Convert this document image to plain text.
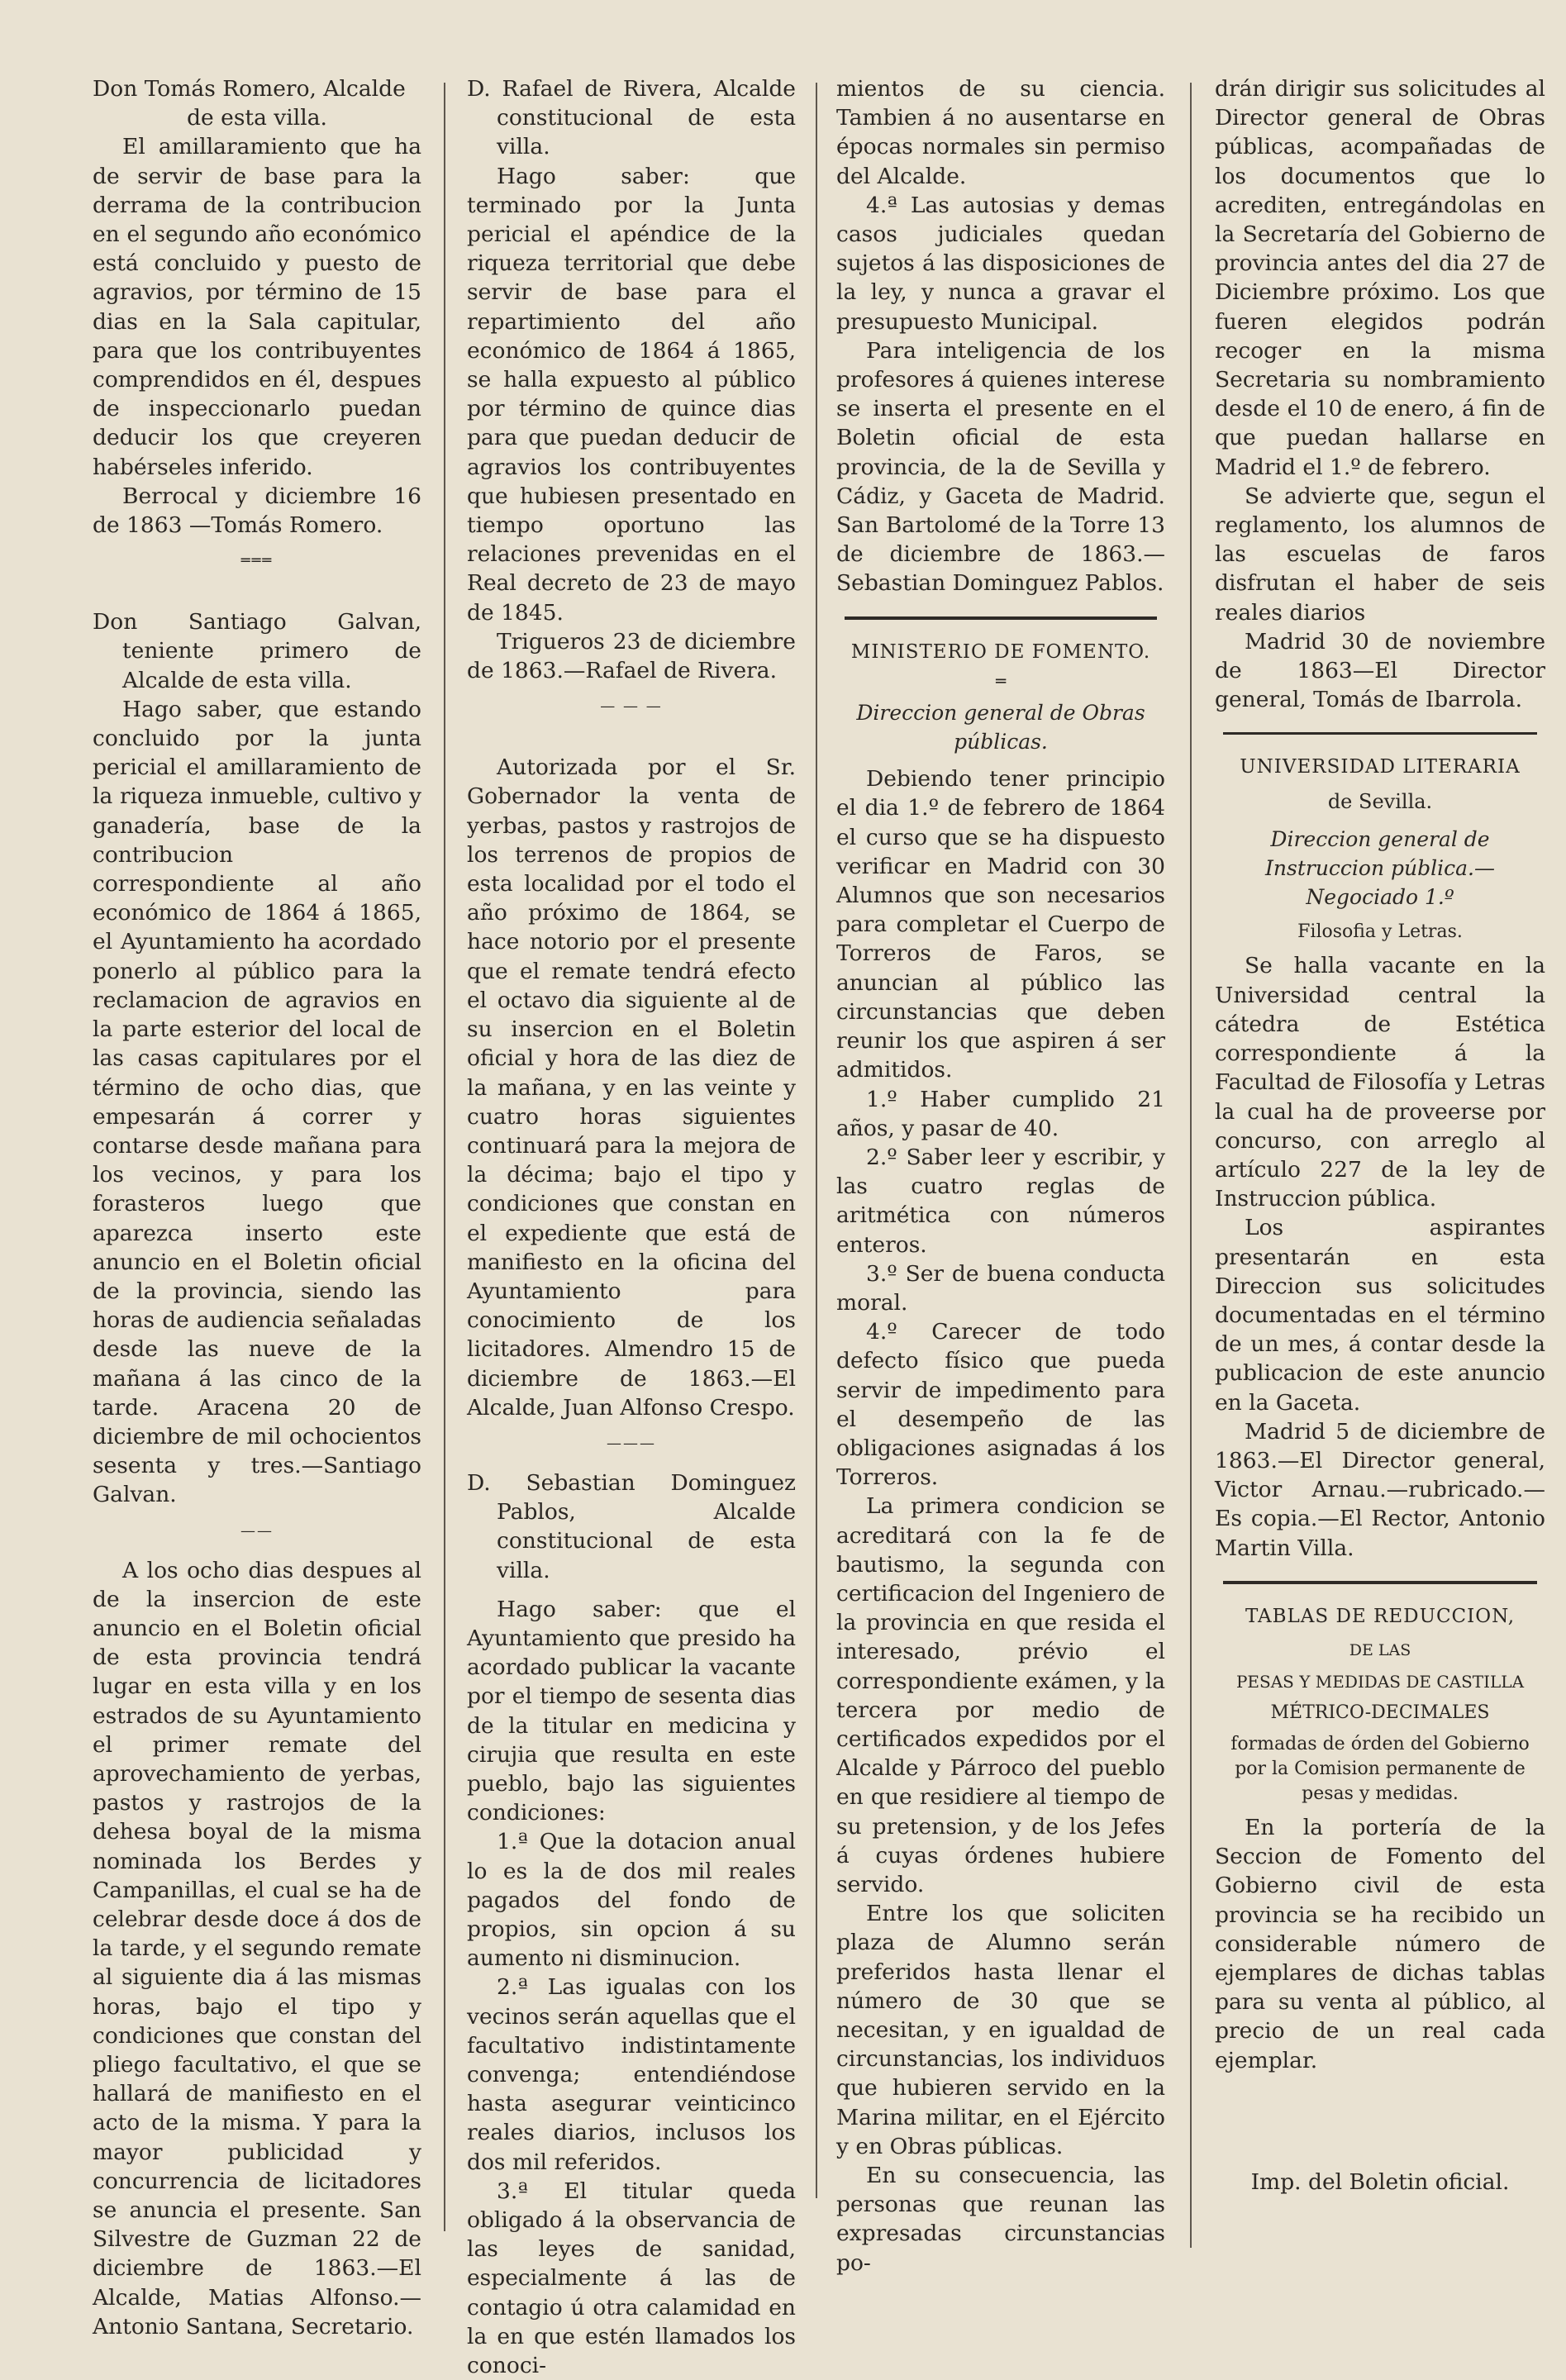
Don Tomás Romero, Alcalde

de esta villa.

El amillaramiento que ha de servir de base para la derrama de la contribucion en el segundo año económico está concluido y puesto de agravios, por término de 15 dias en la Sala capitular, para que los contribuyentes comprendidos en él, despues de inspeccionarlo puedan deducir los que creyeren habérseles inferido.

Berrocal y diciembre 16 de 1863 —Tomás Romero.

═══

Don Santiago Galvan, teniente primero de Alcalde de esta villa.

Hago saber, que estando concluido por la junta pericial el amillaramiento de la riqueza inmueble, cultivo y ganadería, base de la contribucion correspondiente al año económico de 1864 á 1865, el Ayuntamiento ha acordado ponerlo al público para la reclamacion de agravios en la parte esterior del local de las casas capitulares por el término de ocho dias, que empesarán á correr y contarse desde mañana para los vecinos, y para los forasteros luego que aparezca inserto este anuncio en el Boletin oficial de la provincia, siendo las horas de audiencia señaladas desde las nueve de la mañana á las cinco de la tarde. Aracena 20 de diciembre de mil ochocientos sesenta y tres.—Santiago Galvan.

——

A los ocho dias despues al de la insercion de este anuncio en el Boletin oficial de esta provincia tendrá lugar en esta villa y en los estrados de su Ayuntamiento el primer remate del aprovechamiento de yerbas, pastos y rastrojos de la dehesa boyal de la misma nominada los Berdes y Campanillas, el cual se ha de celebrar desde doce á dos de la tarde, y el segundo remate al siguiente dia á las mismas horas, bajo el tipo y condiciones que constan del pliego facultativo, el que se hallará de manifiesto en el acto de la misma. Y para la mayor publicidad y concurrencia de licitadores se anuncia el presente. San Silvestre de Guzman 22 de diciembre de 1863.—El Alcalde, Matias Alfonso.—Antonio Santana, Secretario.

D. Rafael de Rivera, Alcalde constitucional de esta villa.

Hago saber: que terminado por la Junta pericial el apéndice de la riqueza territorial que debe servir de base para el repartimiento del año económico de 1864 á 1865, se halla expuesto al público por término de quince dias para que puedan deducir de agravios los contribuyentes que hubiesen presentado en tiempo oportuno las relaciones prevenidas en el Real decreto de 23 de mayo de 1845.

Trigueros 23 de diciembre de 1863.—Rafael de Rivera.

— — —

Autorizada por el Sr. Gobernador la venta de yerbas, pastos y rastrojos de los terrenos de propios de esta localidad por el todo el año próximo de 1864, se hace notorio por el presente que el remate tendrá efecto el octavo dia siguiente al de su insercion en el Boletin oficial y hora de las diez de la mañana, y en las veinte y cuatro horas siguientes continuará para la mejora de la décima; bajo el tipo y condiciones que constan en el expediente que está de manifiesto en la oficina del Ayuntamiento para conocimiento de los licitadores. Almendro 15 de diciembre de 1863.—El Alcalde, Juan Alfonso Crespo.

———

D. Sebastian Dominguez Pablos, Alcalde constitucional de esta villa.

Hago saber: que el Ayuntamiento que presido ha acordado publicar la vacante por el tiempo de sesenta dias de la titular en medicina y cirujia que resulta en este pueblo, bajo las siguientes condiciones:

1.ª Que la dotacion anual lo es la de dos mil reales pagados del fondo de propios, sin opcion á su aumento ni disminucion.

2.ª Las igualas con los vecinos serán aquellas que el facultativo indistintamente convenga; entendiéndose hasta asegurar veinticinco reales diarios, inclusos los dos mil referidos.

3.ª El titular queda obligado á la observancia de las leyes de sanidad, especialmente á las de contagio ú otra calamidad en la en que estén llamados los conoci-

mientos de su ciencia. Tambien á no ausentarse en épocas normales sin permiso del Alcalde.

4.ª Las autosias y demas casos judiciales quedan sujetos á las disposiciones de la ley, y nunca a gravar el presupuesto Municipal.

Para inteligencia de los profesores á quienes interese se inserta el presente en el Boletin oficial de esta provincia, de la de Sevilla y Cádiz, y Gaceta de Madrid. San Bartolomé de la Torre 13 de diciembre de 1863.—Sebastian Dominguez Pablos.

MINISTERIO DE FOMENTO.
═
Direccion general de Obras públicas.

Debiendo tener principio el dia 1.º de febrero de 1864 el curso que se ha dispuesto verificar en Madrid con 30 Alumnos que son necesarios para completar el Cuerpo de Torreros de Faros, se anuncian al público las circunstancias que deben reunir los que aspiren á ser admitidos.

1.º Haber cumplido 21 años, y pasar de 40.

2.º Saber leer y escribir, y las cuatro reglas de aritmética con números enteros.

3.º Ser de buena conducta moral.

4.º Carecer de todo defecto físico que pueda servir de impedimento para el desempeño de las obligaciones asignadas á los Torreros.

La primera condicion se acreditará con la fe de bautismo, la segunda con certificacion del Ingeniero de la provincia en que resida el interesado, prévio el correspondiente exámen, y la tercera por medio de certificados expedidos por el Alcalde y Párroco del pueblo en que residiere al tiempo de su pretension, y de los Jefes á cuyas órdenes hubiere servido.

Entre los que soliciten plaza de Alumno serán preferidos hasta llenar el número de 30 que se necesitan, y en igualdad de circunstancias, los individuos que hubieren servido en la Marina militar, en el Ejército y en Obras públicas.

En su consecuencia, las personas que reunan las expresadas circunstancias po-

drán dirigir sus solicitudes al Director general de Obras públicas, acompañadas de los documentos que lo acrediten, entregándolas en la Secretaría del Gobierno de provincia antes del dia 27 de Diciembre próximo. Los que fueren elegidos podrán recoger en la misma Secretaria su nombramiento desde el 10 de enero, á fin de que puedan hallarse en Madrid el 1.º de febrero.

Se advierte que, segun el reglamento, los alumnos de las escuelas de faros disfrutan el haber de seis reales diarios

Madrid 30 de noviembre de 1863—El Director general, Tomás de Ibarrola.

UNIVERSIDAD LITERARIA
de Sevilla.
Direccion general de Instruccion pública.—Negociado 1.º
Filosofia y Letras.

Se halla vacante en la Universidad central la cátedra de Estética correspondiente á la Facultad de Filosofía y Letras la cual ha de proveerse por concurso, con arreglo al artículo 227 de la ley de Instruccion pública.

Los aspirantes presentarán en esta Direccion sus solicitudes documentadas en el término de un mes, á contar desde la publicacion de este anuncio en la Gaceta.

Madrid 5 de diciembre de 1863.—El Director general, Victor Arnau.—rubricado.—Es copia.—El Rector, Antonio Martin Villa.

TABLAS DE REDUCCION,
DE LAS
PESAS Y MEDIDAS DE CASTILLA
MÉTRICO-DECIMALES
formadas de órden del Gobierno por la Comision permanente de pesas y medidas.

En la portería de la Seccion de Fomento del Gobierno civil de esta provincia se ha recibido un considerable número de ejemplares de dichas tablas para su venta al público, al precio de un real cada ejemplar.

Imp. del Boletin oficial.
